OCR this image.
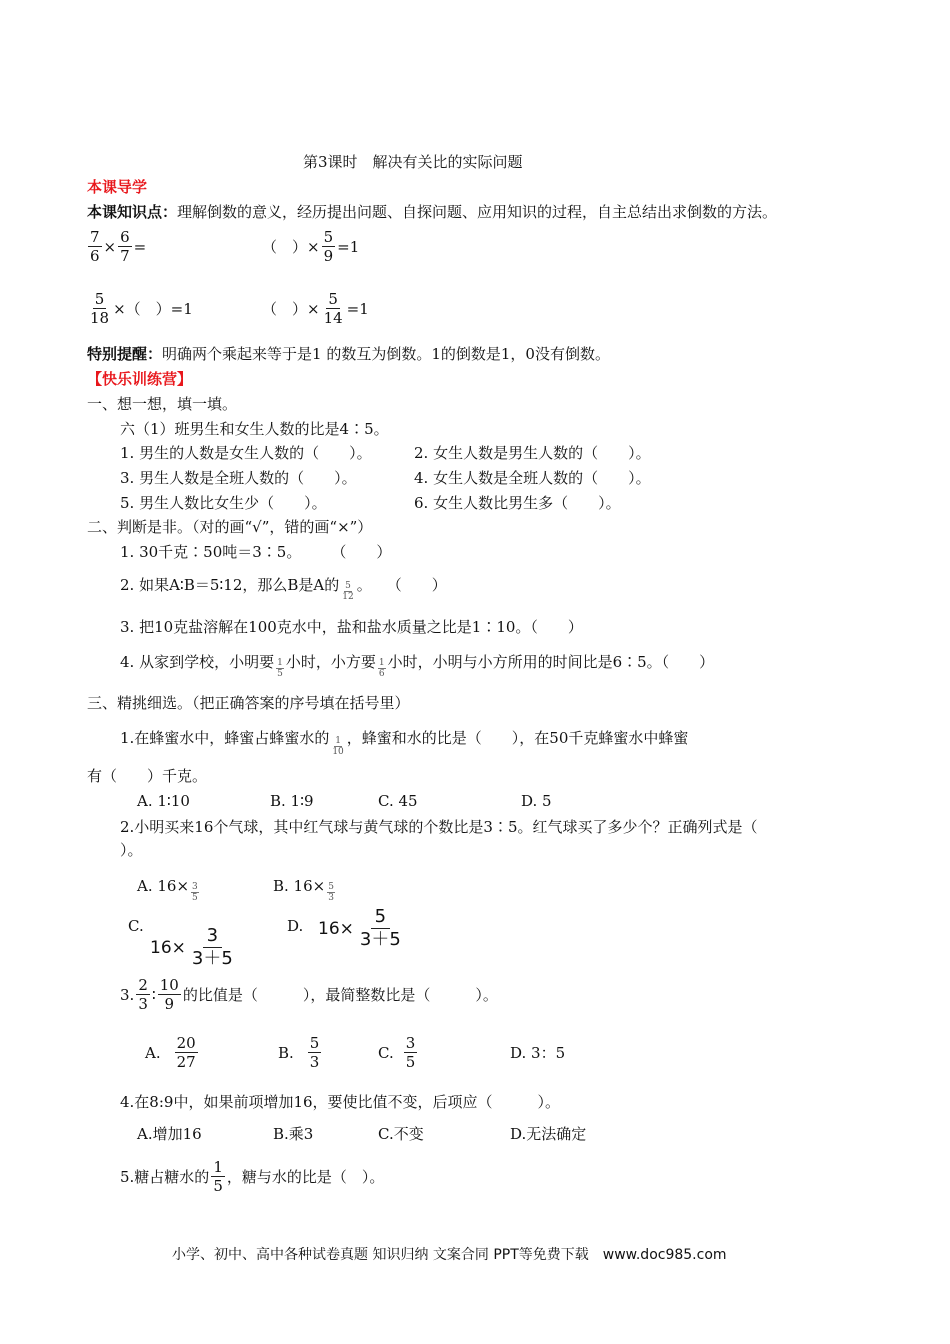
第3课时　解决有关比的实际问题
本课导学
本课知识点：理解倒数的意义，经历提出问题、自探问题、应用知识的过程，自主总结出求倒数的方法。
$\frac{7}{6} \times \frac{6}{7}$ =	（　）× $\frac{5}{9} =1$
$\frac{5}{18}$ ×（　）=1	（　）× $\frac{5}{14} =1$
特别提醒：明确两个乘起来等于是1 的数互为倒数。1的倒数是1，0没有倒数。
【快乐训练营】
一、想一想，填一填。
六（1）班男生和女生人数的比是4∶5。
1. 男生的人数是女生人数的（　　）。	2. 女生人数是男生人数的（　　）。
3. 男生人数是全班人数的（　　）。	4. 女生人数是全班人数的（　　）。
5. 男生人数比女生少（　　）。	6. 女生人数比男生多（　　）。
二、判断是非。（对的画“√”，错的画“×”）
1. 30千克∶50吨＝3∶5。　　　（　　）
2. 如果A∶B＝5∶12，那么B是A的 $\frac{5}{12}$ 。　　（　　）
3. 把10克盐溶解在100克水中，盐和盐水质量之比是1∶10。（　　）
4. 从家到学校，小明要 $\frac{1}{5}$ 小时，小方要 $\frac{1}{6}$ 小时，小明与小方所用的时间比是6∶5。（　　）
三、精挑细选。（把正确答案的序号填在括号里）
1.在蜂蜜水中，蜂蜜占蜂蜜水的 $\frac{1}{10}$ ，蜂蜜和水的比是（　　），在50千克蜂蜜水中蜂蜜
有（　　）千克。
A. 1∶10	B. 1∶9	C. 45	D. 5
2.小明买来16个气球，其中红气球与黄气球的个数比是3∶5。红气球买了多少个？正确列式是（
）。
A. $16\times \frac{3}{5}$	B. $16\times \frac{5}{3}$
C.
$16\times \frac{3}{3+5}$	D. $16\times \frac{5}{3+5}$
3. $\frac{2}{3}$ ∶ $\frac{10}{9}$ 的比值是（　　　），最简整数比是（　　　）。
A. $\frac{20}{27}$	B. $\frac{5}{3}$	C. $\frac{3}{5}$	D. 3：5
4.在8:9中，如果前项增加16，要使比值不变，后项应（　　　）。
A.增加16	B.乘3	C.不变	D.无法确定
5.糖占糖水的 $\frac{1}{5}$ ，糖与水的比是（　）。
小学、初中、高中各种试卷真题 知识归纳 文案合同 PPT等免费下载　www.doc985.com
